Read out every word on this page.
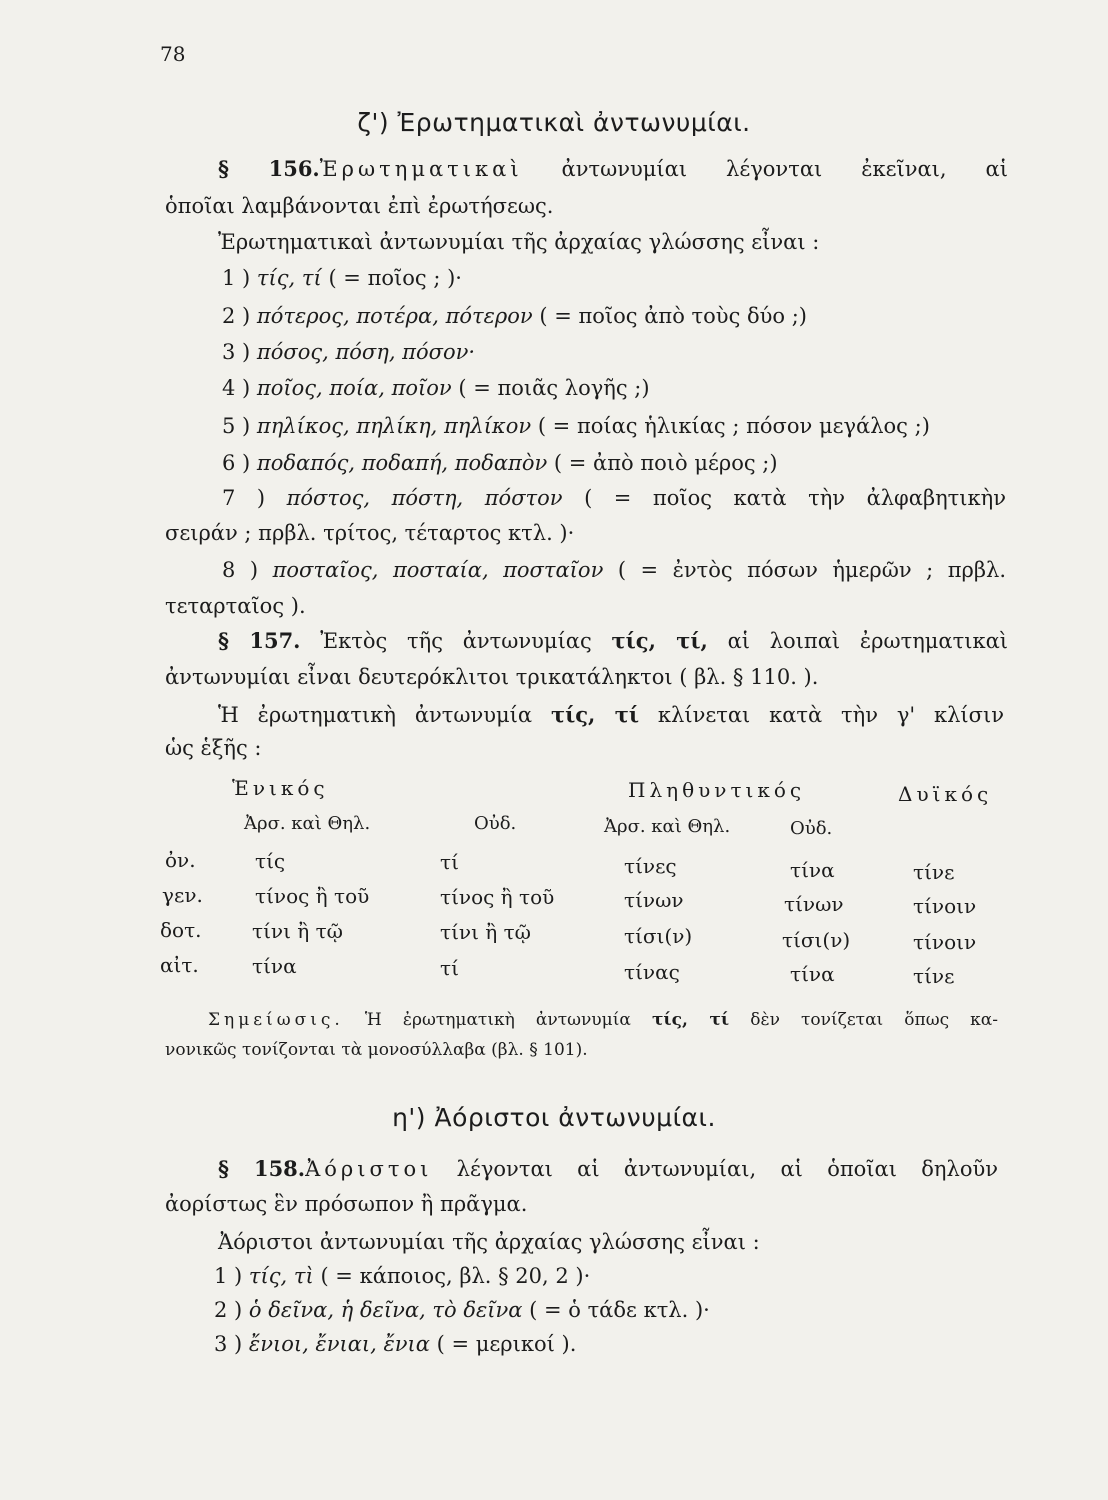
78
ζ') Ἐρωτηματικαὶ ἀντωνυμίαι.
§ 156.Ἐρωτηματικαὶ ἀντωνυμίαι λέγονται ἐκεῖναι, αἱ
ὁποῖαι λαμβάνονται ἐπὶ ἐρωτήσεως.
Ἐρωτηματικαὶ ἀντωνυμίαι τῆς ἀρχαίας γλώσσης εἶναι :
1 ) τίς, τί ( = ποῖος ; )·
2 ) πότερος, ποτέρα, πότερον ( = ποῖος ἀπὸ τοὺς δύο ;)
3 ) πόσος, πόση, πόσον·
4 ) ποῖος, ποία, ποῖον ( = ποιᾶς λογῆς ;)
5 ) πηλίκος, πηλίκη, πηλίκον ( = ποίας ἡλικίας ; πόσον μεγάλος ;)
6 ) ποδαπός, ποδαπή, ποδαπὸν ( = ἀπὸ ποιὸ μέρος ;)
7 ) πόστος, πόστη, πόστον ( = ποῖος κατὰ τὴν ἀλφαβητικὴν
σειράν ; πρβλ. τρίτος, τέταρτος κτλ. )·
8 ) ποσταῖος, ποσταία, ποσταῖον ( = ἐντὸς πόσων ἡμερῶν ; πρβλ.
τεταρταῖος ).
§ 157. Ἐκτὸς τῆς ἀντωνυμίας τίς, τί, αἱ λοιπαὶ ἐρωτηματικαὶ
ἀντωνυμίαι εἶναι δευτερόκλιτοι τρικατάληκτοι ( βλ. § 110. ).
Ἡ ἐρωτηματικὴ ἀντωνυμία τίς, τί κλίνεται κατὰ τὴν γ' κλίσιν
ὡς ἑξῆς :
Ἑνικός	Πληθυντικός	Δυϊκός
Ἀρσ. καὶ Θηλ.	Οὐδ.	Ἀρσ. καὶ Θηλ.	Οὐδ.
ὀν.	τίς	τί	τίνες	τίνα	τίνε
γεν.	τίνος ἢ τοῦ	τίνος ἢ τοῦ	τίνων	τίνων	τίνοιν
δοτ.	τίνι ἢ τῷ	τίνι ἢ τῷ	τίσι(ν)	τίσι(ν)	τίνοιν
αἰτ.	τίνα	τί	τίνας	τίνα	τίνε
Σημείωσις. Ἡ ἐρωτηματικὴ ἀντωνυμία τίς, τί δὲν τονίζεται ὅπως κα-
νονικῶς τονίζονται τὰ μονοσύλλαβα (βλ. § 101).
η') Ἀόριστοι ἀντωνυμίαι.
§ 158.Ἀόριστοι λέγονται αἱ ἀντωνυμίαι, αἱ ὁποῖαι δηλοῦν
ἀορίστως ἓν πρόσωπον ἢ πρᾶγμα.
Ἀόριστοι ἀντωνυμίαι τῆς ἀρχαίας γλώσσης εἶναι :
1 ) τίς, τὶ ( = κάποιος, βλ. § 20, 2 )·
2 ) ὁ δεῖνα, ἡ δεῖνα, τὸ δεῖνα ( = ὁ τάδε κτλ. )·
3 ) ἔνιοι, ἔνιαι, ἔνια ( = μερικοί ).
